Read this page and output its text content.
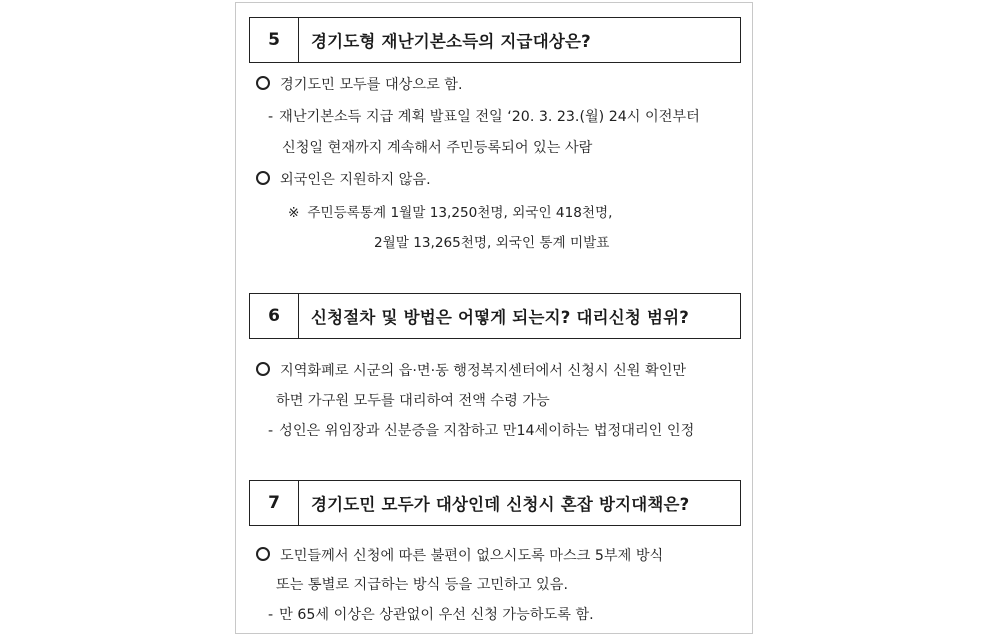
5	경기도형 재난기본소득의 지급대상은?
경기도민 모두를 대상으로 함.
- 재난기본소득 지급 계획 발표일 전일 ‘20. 3. 23.(월) 24시 이전부터
신청일 현재까지 계속해서 주민등록되어 있는 사람
외국인은 지원하지 않음.
※ 주민등록통계 1월말 13,250천명, 외국인 418천명,
2월말 13,265천명, 외국인 통계 미발표
6	신청절차 및 방법은 어떻게 되는지? 대리신청 범위?
지역화폐로 시군의 읍·면·동 행정복지센터에서 신청시 신원 확인만
하면 가구원 모두를 대리하여 전액 수령 가능
- 성인은 위임장과 신분증을 지참하고 만14세이하는 법정대리인 인정
7	경기도민 모두가 대상인데 신청시 혼잡 방지대책은?
도민들께서 신청에 따른 불편이 없으시도록 마스크 5부제 방식
또는 통별로 지급하는 방식 등을 고민하고 있음.
- 만 65세 이상은 상관없이 우선 신청 가능하도록 함.
